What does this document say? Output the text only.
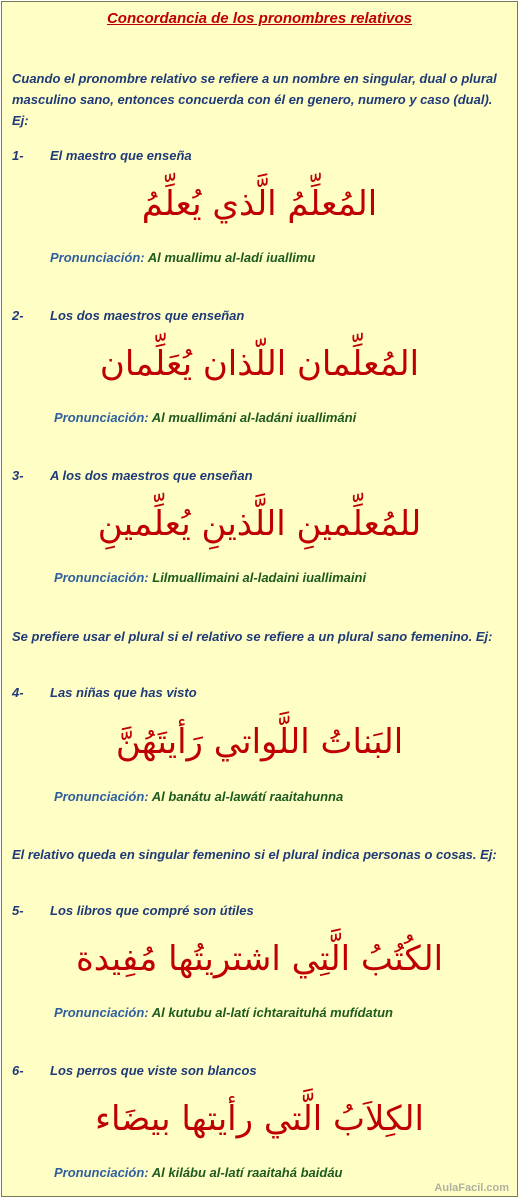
Concordancia de los pronombres relativos
Cuando el pronombre relativo se refiere a un nombre en singular, dual o plural masculino sano, entonces concuerda con él en genero, numero y caso (dual). Ej:
1- El maestro que enseña
المُعلِّمُ الَّذي يُعلِّمُ
Pronunciación: Al muallimu al-ladí iuallimu
2- Los dos maestros que enseñan
المُعلِّمان اللّذان يُعَلِّمان
Pronunciación: Al muallimáni al-ladáni iuallimáni
3- A los dos maestros que enseñan
للمُعلِّمينِ اللَّذينِ يُعلِّمينِ
Pronunciación: Lilmuallimaini al-ladaini iuallimaini
Se prefiere usar el plural si el relativo se refiere a un plural sano femenino. Ej:
4- Las niñas que has visto
البَناتُ اللَّواتي رَأيتَهُنَّ
Pronunciación: Al banátu al-lawátí raaitahunna
El relativo queda en singular femenino si el plural indica personas o cosas. Ej:
5- Los libros que compré son útiles
الكُتُبُ الَّتِي اشتريتُها مُفِيدة
Pronunciación: Al kutubu al-latí ichtaraituhá mufídatun
6- Los perros que viste son blancos
الكِلاَبُ الَّتي رأيتها بيضَاء
Pronunciación: Al kilábu al-latí raaitahá baidáu
AulaFacil.com
